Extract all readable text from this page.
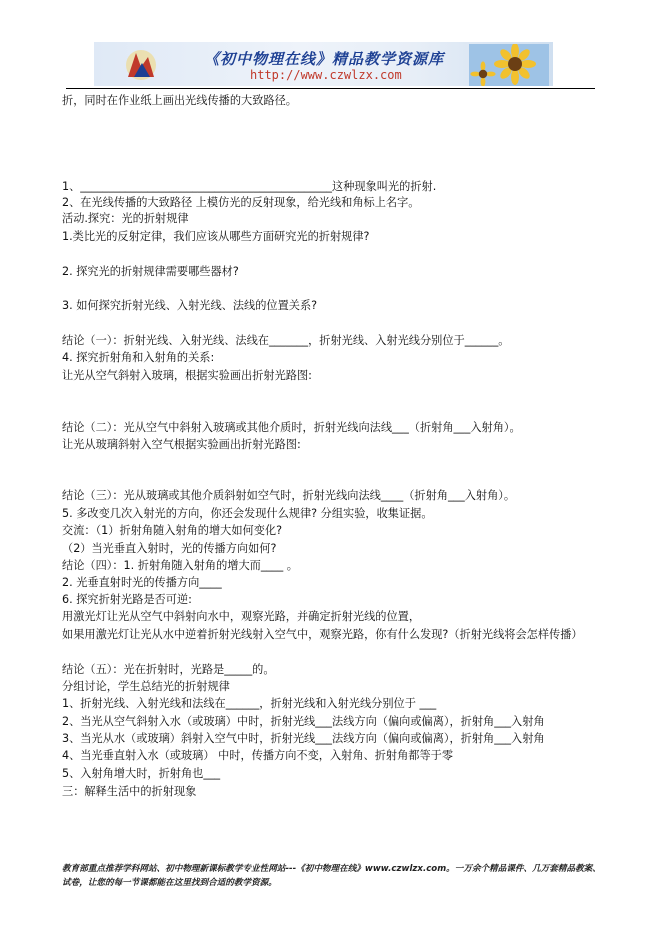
《初中物理在线》精品教学资源库
http://www.czwlzx.com
折，同时在作业纸上画出光线传播的大致路径。
1、_____________________________________________这种现象叫光的折射.
2、在光线传播的大致路径 上模仿光的反射现象，给光线和角标上名字。
活动.探究：光的折射规律
1.类比光的反射定律，我们应该从哪些方面研究光的折射规律?
2. 探究光的折射规律需要哪些器材?
3. 如何探究折射光线、入射光线、法线的位置关系?
结论（一）：折射光线、入射光线、法线在_______，折射光线、入射光线分别位于______。
4. 探究折射角和入射角的关系:
让光从空气斜射入玻璃，根据实验画出折射光路图:
结论（二）：光从空气中斜射入玻璃或其他介质时，折射光线向法线___（折射角___入射角）。
让光从玻璃斜射入空气根据实验画出折射光路图:
结论（三）：光从玻璃或其他介质斜射如空气时，折射光线向法线____（折射角___入射角）。
5. 多改变几次入射光的方向，你还会发现什么规律? 分组实验，收集证据。
交流：（1）折射角随入射角的增大如何变化?
（2）当光垂直入射时，光的传播方向如何?
结论（四）：1. 折射角随入射角的增大而____ 。
2. 光垂直射时光的传播方向____
6. 探究折射光路是否可逆:
用激光灯让光从空气中斜射向水中，观察光路，并确定折射光线的位置，
如果用激光灯让光从水中逆着折射光线射入空气中，观察光路，你有什么发现?（折射光线将会怎样传播）
结论（五）：光在折射时，光路是_____的。
分组讨论，学生总结光的折射规律
1、折射光线、入射光线和法线在______，折射光线和入射光线分别位于 ___
2、当光从空气斜射入水（或玻璃）中时，折射光线___法线方向（偏向或偏离），折射角___入射角
3、当光从水（或玻璃）斜射入空气中时，折射光线___法线方向（偏向或偏离），折射角___入射角
4、当光垂直射入水（或玻璃） 中时，传播方向不变，入射角、折射角都等于零
5、入射角增大时，折射角也___
三：解释生活中的折射现象
教育部重点推荐学科网站、初中物理新课标教学专业性网站---《初中物理在线》www.czwlzx.com。一万余个精品课件、几万套精品教案、试卷，让您的每一节课都能在这里找到合适的教学资源。
